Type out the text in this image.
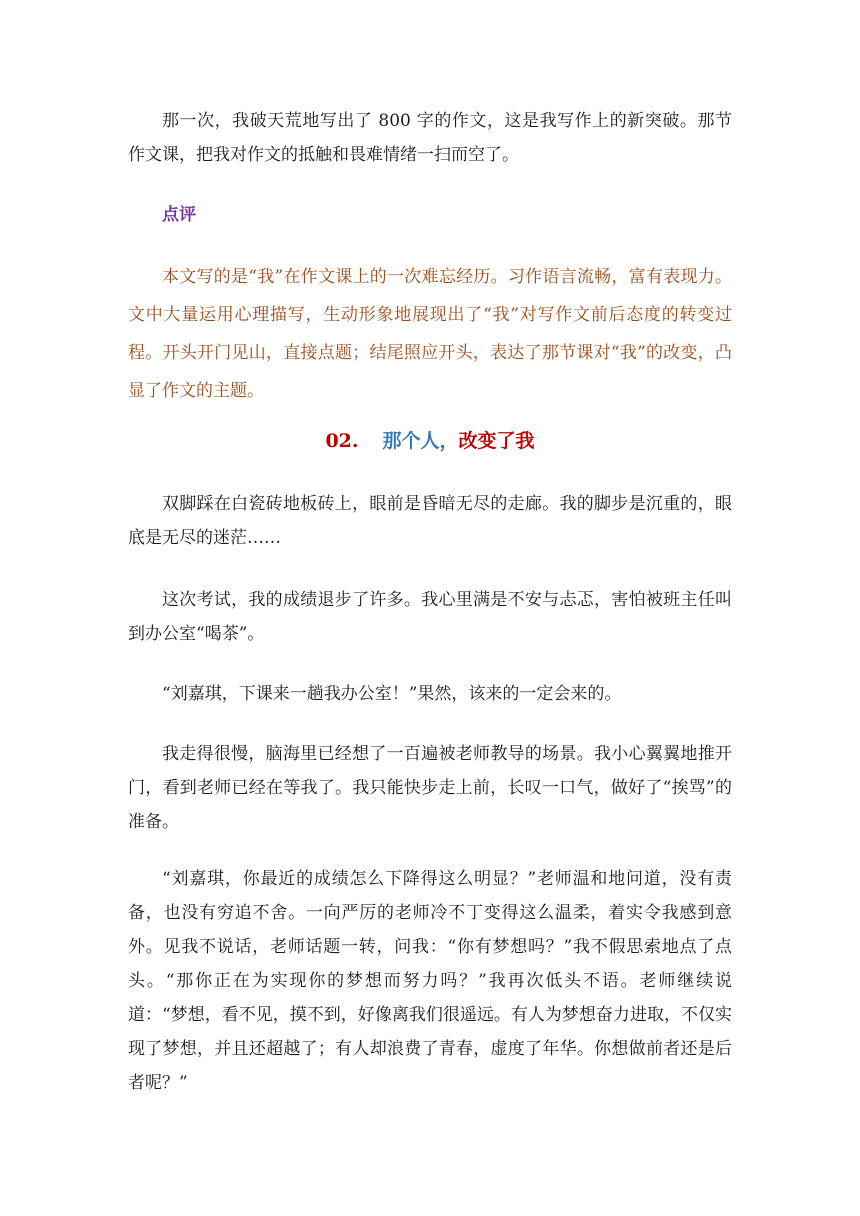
那一次，我破天荒地写出了 800 字的作文，这是我写作上的新突破。那节作文课，把我对作文的抵触和畏难情绪一扫而空了。

点评

本文写的是“我”在作文课上的一次难忘经历。习作语言流畅，富有表现力。文中大量运用心理描写，生动形象地展现出了“我”对写作文前后态度的转变过程。开头开门见山，直接点题；结尾照应开头，表达了那节课对“我”的改变，凸显了作文的主题。

02. 那个人，改变了我

双脚踩在白瓷砖地板砖上，眼前是昏暗无尽的走廊。我的脚步是沉重的，眼底是无尽的迷茫……

这次考试，我的成绩退步了许多。我心里满是不安与忐忑，害怕被班主任叫到办公室“喝茶”。

“刘嘉琪，下课来一趟我办公室！”果然，该来的一定会来的。

我走得很慢，脑海里已经想了一百遍被老师教导的场景。我小心翼翼地推开门，看到老师已经在等我了。我只能快步走上前，长叹一口气，做好了“挨骂”的准备。

“刘嘉琪，你最近的成绩怎么下降得这么明显？”老师温和地问道，没有责备，也没有穷追不舍。一向严厉的老师冷不丁变得这么温柔，着实令我感到意外。见我不说话，老师话题一转，问我：“你有梦想吗？”我不假思索地点了点头。“那你正在为实现你的梦想而努力吗？”我再次低头不语。老师继续说道：“梦想，看不见，摸不到，好像离我们很遥远。有人为梦想奋力进取，不仅实现了梦想，并且还超越了；有人却浪费了青春，虚度了年华。你想做前者还是后者呢？”
